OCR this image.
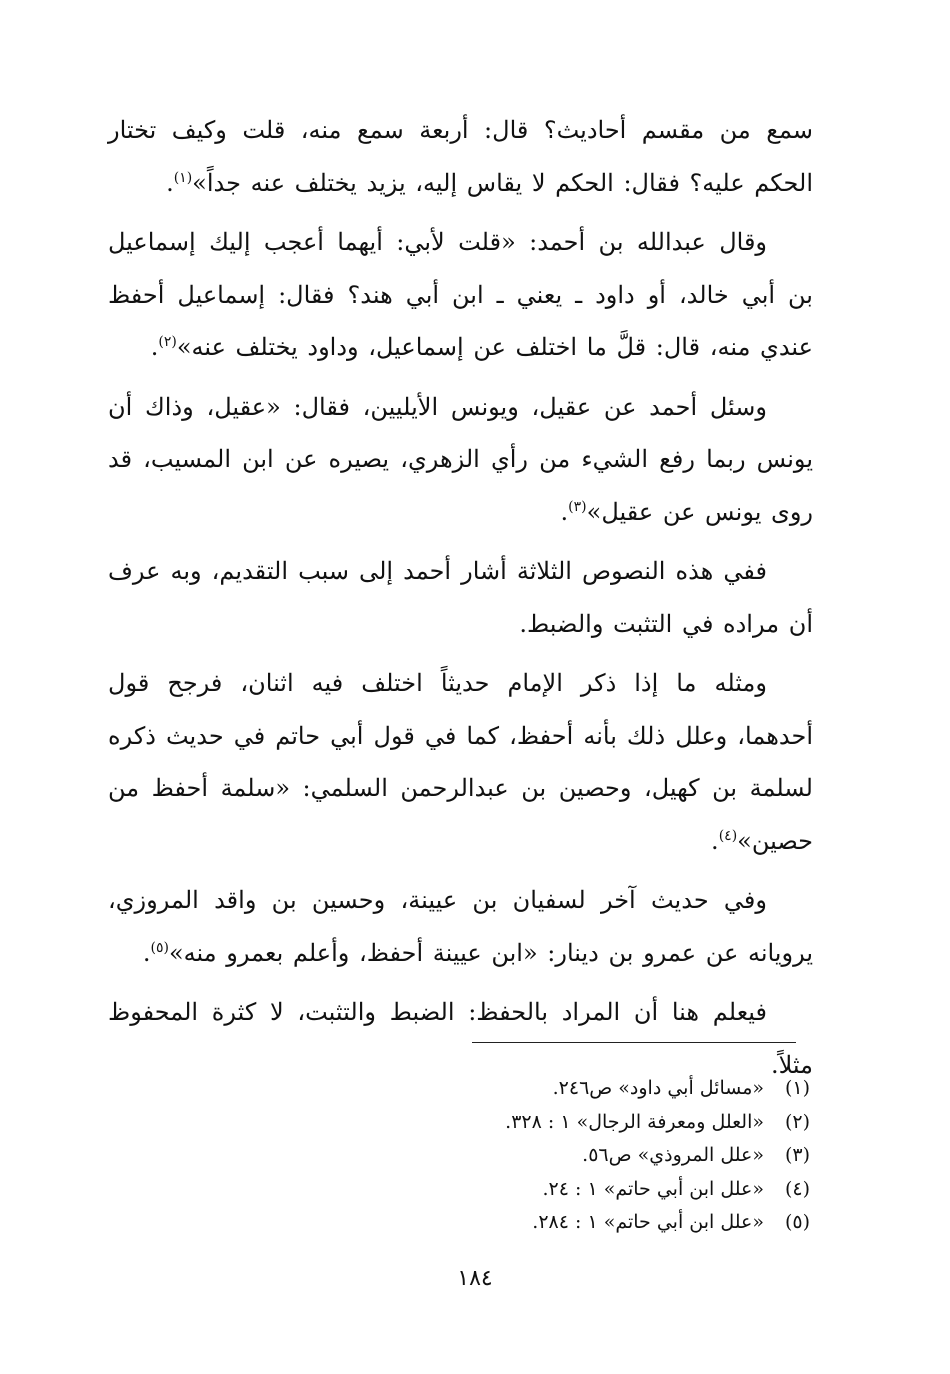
سمع من مقسم أحاديث؟ قال: أربعة سمع منه، قلت وكيف تختار الحكم عليه؟ فقال: الحكم لا يقاس إليه، يزيد يختلف عنه جداً»$^{(١)}$.

وقال عبدالله بن أحمد: «قلت لأبي: أيهما أعجب إليك إسماعيل بن أبي خالد، أو داود ـ يعني ـ ابن أبي هند؟ فقال: إسماعيل أحفظ عندي منه، قال: قلَّ ما اختلف عن إسماعيل، وداود يختلف عنه»$^{(٢)}$.

وسئل أحمد عن عقيل، ويونس الأيليين، فقال: «عقيل، وذاك أن يونس ربما رفع الشيء من رأي الزهري، يصيره عن ابن المسيب، قد روى يونس عن عقيل»$^{(٣)}$.

ففي هذه النصوص الثلاثة أشار أحمد إلى سبب التقديم، وبه عرف أن مراده في التثبت والضبط.

ومثله ما إذا ذكر الإمام حديثاً اختلف فيه اثنان، فرجح قول أحدهما، وعلل ذلك بأنه أحفظ، كما في قول أبي حاتم في حديث ذكره لسلمة بن كهيل، وحصين بن عبدالرحمن السلمي: «سلمة أحفظ من حصين»$^{(٤)}$.

وفي حديث آخر لسفيان بن عيينة، وحسين بن واقد المروزي، يرويانه عن عمرو بن دينار: «ابن عيينة أحفظ، وأعلم بعمرو منه»$^{(٥)}$.

فيعلم هنا أن المراد بالحفظ: الضبط والتثبت، لا كثرة المحفوظ مثلاً.

(١)«مسائل أبي داود» ص٢٤٦.
(٢)«العلل ومعرفة الرجال» ١ : ٣٢٨.
(٣)«علل المروذي» ص٥٦.
(٤)«علل ابن أبي حاتم» ١ : ٢٤.
(٥)«علل ابن أبي حاتم» ١ : ٢٨٤.
١٨٤
